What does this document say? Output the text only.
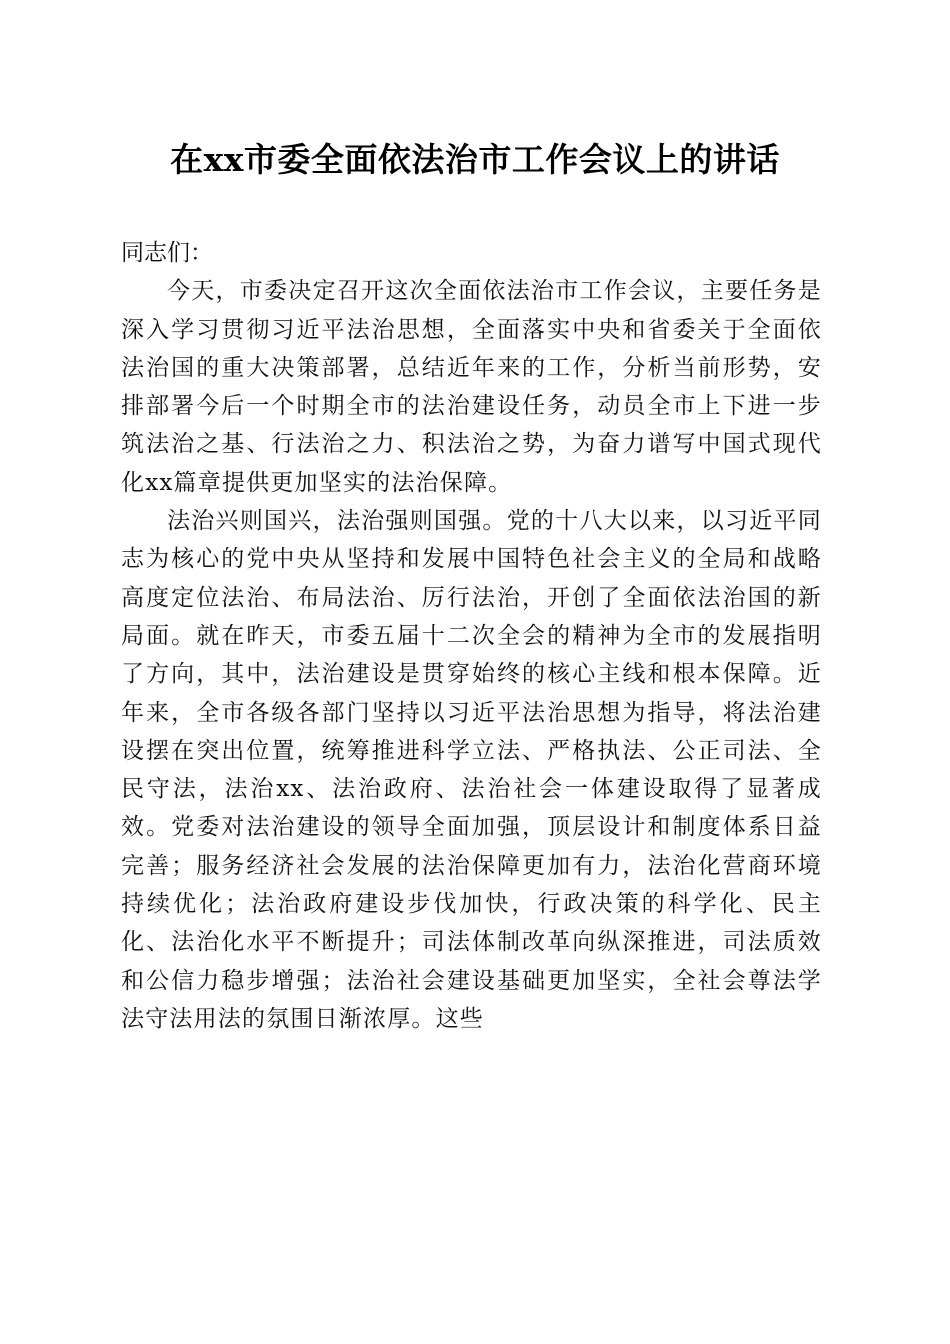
在xx市委全面依法治市工作会议上的讲话

同志们：

今天，市委决定召开这次全面依法治市工作会议，主要任务是深入学习贯彻习近平法治思想，全面落实中央和省委关于全面依法治国的重大决策部署，总结近年来的工作，分析当前形势，安排部署今后一个时期全市的法治建设任务，动员全市上下进一步筑法治之基、行法治之力、积法治之势，为奋力谱写中国式现代化xx篇章提供更加坚实的法治保障。

法治兴则国兴，法治强则国强。党的十八大以来，以习近平同志为核心的党中央从坚持和发展中国特色社会主义的全局和战略高度定位法治、布局法治、厉行法治，开创了全面依法治国的新局面。就在昨天，市委五届十二次全会的精神为全市的发展指明了方向，其中，法治建设是贯穿始终的核心主线和根本保障。近年来，全市各级各部门坚持以习近平法治思想为指导，将法治建设摆在突出位置，统筹推进科学立法、严格执法、公正司法、全民守法，法治xx、法治政府、法治社会一体建设取得了显著成效。党委对法治建设的领导全面加强，顶层设计和制度体系日益完善；服务经济社会发展的法治保障更加有力，法治化营商环境持续优化；法治政府建设步伐加快，行政决策的科学化、民主化、法治化水平不断提升；司法体制改革向纵深推进，司法质效和公信力稳步增强；法治社会建设基础更加坚实，全社会尊法学法守法用法的氛围日渐浓厚。这些
